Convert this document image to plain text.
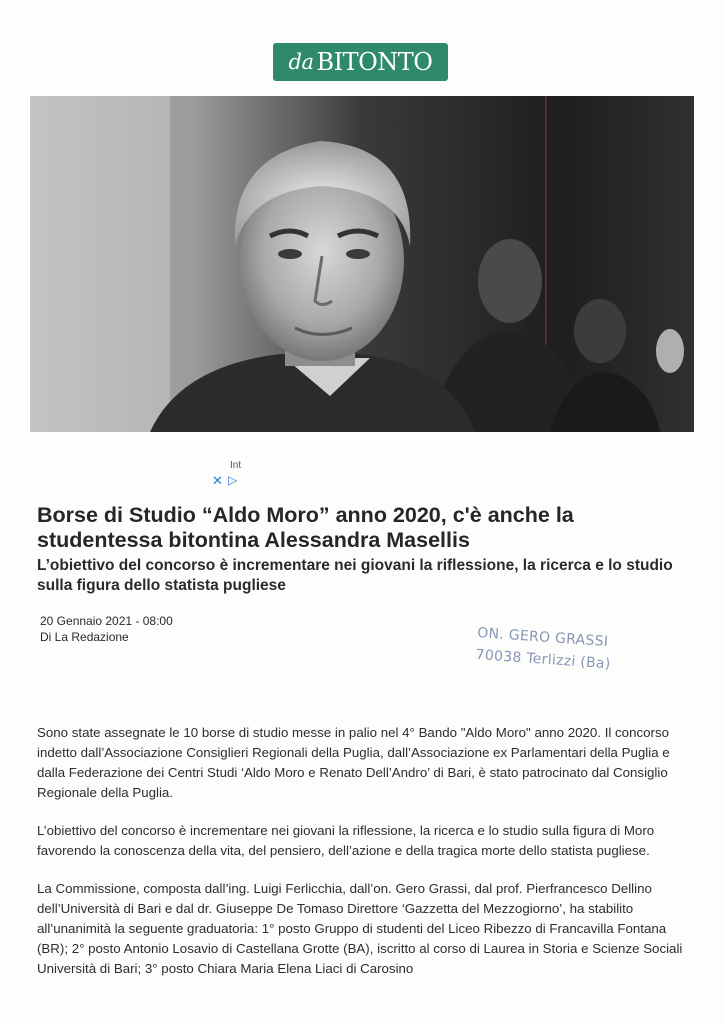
da BITONTO
Int
✕ ▷
Borse di Studio “Aldo Moro” anno 2020, c'è anche la studentessa bitontina Alessandra Masellis
L’obiettivo del concorso è incrementare nei giovani la riflessione, la ricerca e lo studio sulla figura dello statista pugliese
20 Gennaio 2021 - 08:00
Di La Redazione	ON. GERO GRASSI
70038 Terlizzi (Ba)

Sono state assegnate le 10 borse di studio messe in palio nel 4° Bando "Aldo Moro" anno 2020. Il concorso indetto dall’Associazione Consiglieri Regionali della Puglia, dall’Associazione ex Parlamentari della Puglia e dalla Federazione dei Centri Studi ‘Aldo Moro e Renato Dell’Andro’ di Bari, è stato patrocinato dal Consiglio Regionale della Puglia.

L’obiettivo del concorso è incrementare nei giovani la riflessione, la ricerca e lo studio sulla figura di Moro favorendo la conoscenza della vita, del pensiero, dell’azione e della tragica morte dello statista pugliese.

La Commissione, composta dall’ing. Luigi Ferlicchia, dall’on. Gero Grassi, dal prof. Pierfrancesco Dellino dell’Università di Bari e dal dr. Giuseppe De Tomaso Direttore ‘Gazzetta del Mezzogiorno’, ha stabilito all’unanimità la seguente graduatoria: 1° posto Gruppo di studenti del Liceo Ribezzo di Francavilla Fontana (BR); 2° posto Antonio Losavio di Castellana Grotte (BA), iscritto al corso di Laurea in Storia e Scienze Sociali Università di Bari; 3° posto Chiara Maria Elena Liaci di Carosino
